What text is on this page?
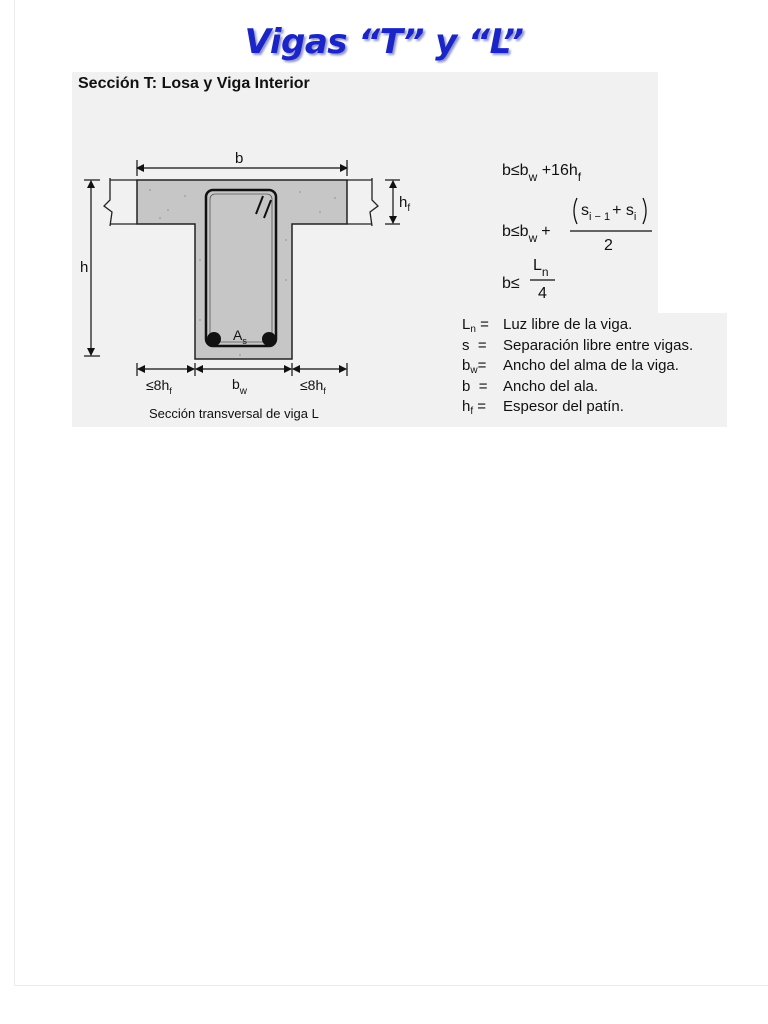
Vigas “T” y “L”
Sección T: Losa y Viga Interior
$A_s$
b
h
$h_f$
$\le 8h_f$	$b_w$	$\le 8h_f$
Sección transversal de viga L
$b\le b_w +16h_f$
$b\le b_w$ +
$s_{i - 1} + s_i$
2
b≤
$L_n$
4
$L_n$ = Luz libre de la viga.
s =	Separación libre entre vigas.
$b_w=$	Ancho del alma de la viga.
b =	Ancho del ala.
$h_f$ =	Espesor del patín.
